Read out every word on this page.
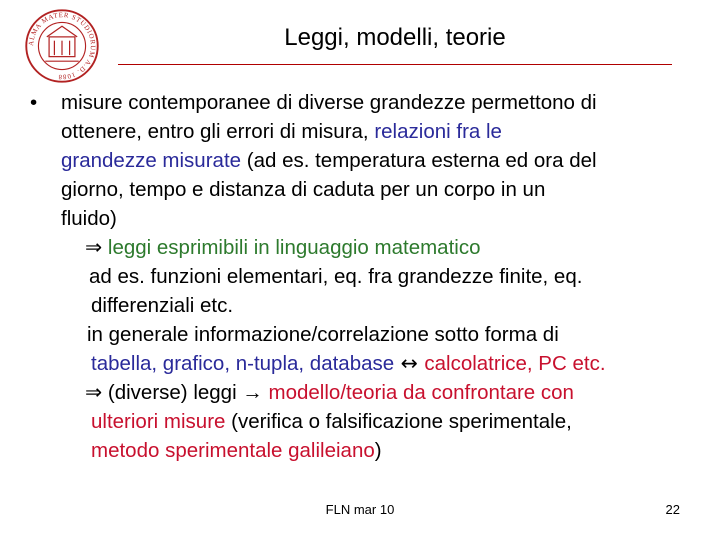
ALMA MATER STUDIORUM A.D. 1088
Leggi, modelli, teorie
• misure contemporanee di diverse grandezze permettono di
ottenere, entro gli errori di misura, relazioni fra le
grandezze misurate (ad es. temperatura esterna ed ora del
giorno, tempo e distanza di caduta per un corpo in un
fluido)
⇒ leggi esprimibili in linguaggio matematico
ad es. funzioni elementari, eq. fra grandezze finite, eq.
differenziali etc.
in generale informazione/correlazione sotto forma di
tabella, grafico, n-tupla, database ↔ calcolatrice, PC etc.
⇒ (diverse) leggi → modello/teoria da confrontare con
ulteriori misure (verifica o falsificazione sperimentale,
metodo sperimentale galileiano)
FLN mar 10	22
